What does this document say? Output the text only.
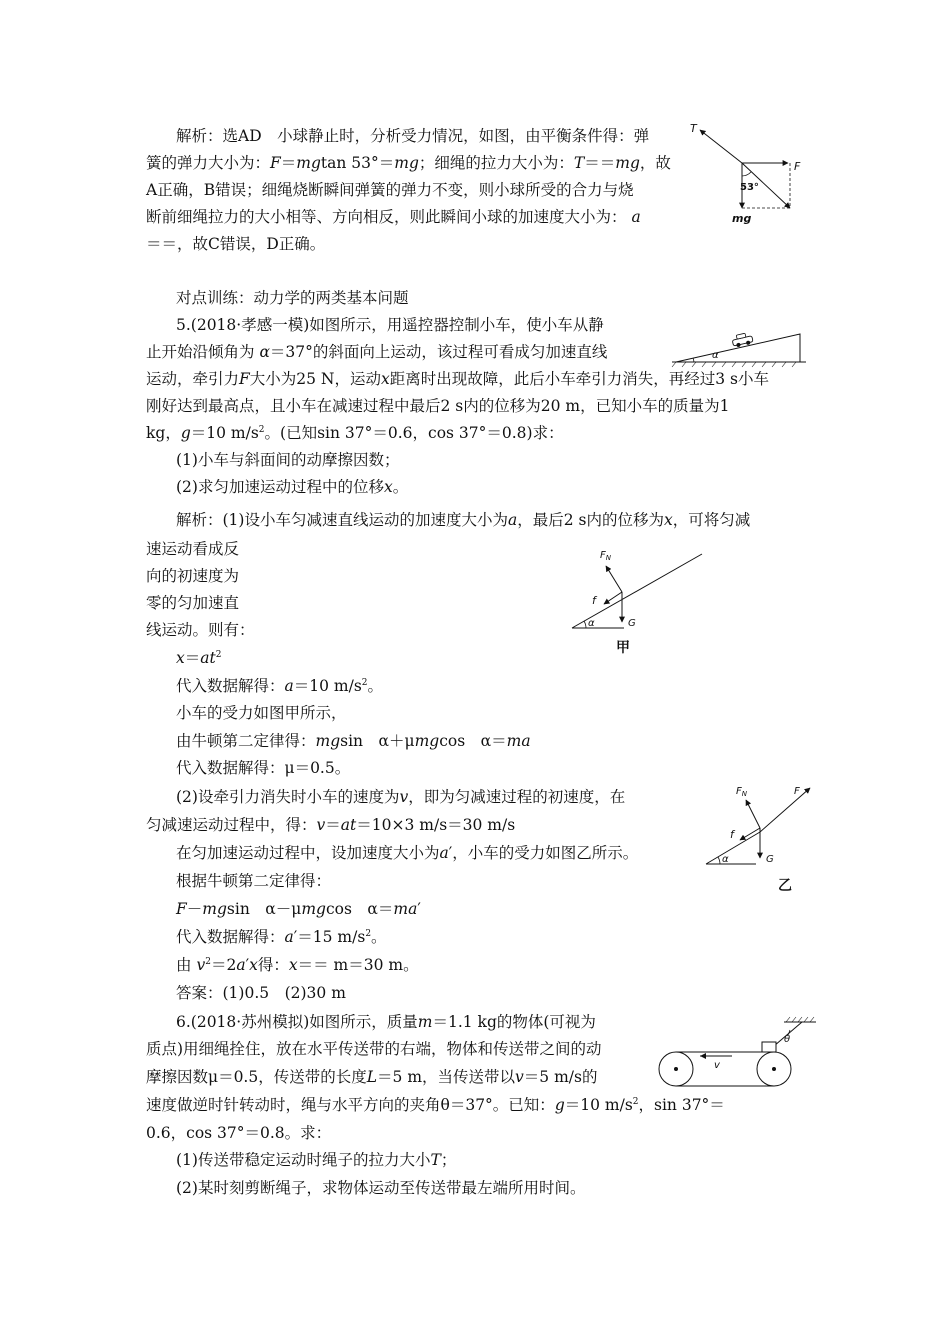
解析：选AD　小球静止时，分析受力情况，如图，由平衡条件得：弹
簧的弹力大小为：F＝mgtan 53°＝mg；细绳的拉力大小为：T＝＝mg，故
A正确，B错误；细绳烧断瞬间弹簧的弹力不变，则小球所受的合力与烧
断前细绳拉力的大小相等、方向相反，则此瞬间小球的加速度大小为： a
＝＝，故C错误，D正确。
T
F
53°
mg
对点训练：动力学的两类基本问题
5.(2018·孝感一模)如图所示，用遥控器控制小车，使小车从静
止开始沿倾角为 α＝37°的斜面向上运动，该过程可看成匀加速直线
运动，牵引力F大小为25 N，运动x距离时出现故障，此后小车牵引力消失，再经过3 s小车
刚好达到最高点，且小车在减速过程中最后2 s内的位移为20 m，已知小车的质量为1
kg，g＝10 $m/s^2$。(已知sin 37°＝0.6，cos 37°＝0.8)求：
(1)小车与斜面间的动摩擦因数；
(2)求匀加速运动过程中的位移x。
α
解析：(1)设小车匀减速直线运动的加速度大小为a，最后2 s内的位移为x，可将匀减
速运动看成反
向的初速度为
零的匀加速直
线运动。则有：
$x=at^2$
代入数据解得：a＝10 $m/s^2$。
小车的受力如图甲所示，
由牛顿第二定律得：mgsin　α＋μmgcos　α＝ma
代入数据解得：μ＝0.5。
(2)设牵引力消失时小车的速度为v，即为匀减速过程的初速度，在
匀减速运动过程中，得：v＝at＝10×3 m/s＝30 m/s
在匀加速运动过程中，设加速度大小为a′，小车的受力如图乙所示。
根据牛顿第二定律得：
F－mgsin　α－μmgcos　α＝ma′
代入数据解得：a′＝15 $m/s^2$。
由 $v^2=2a'x$得：x＝＝ m＝30 m。
答案：(1)0.5　(2)30 m
$F_N$
f
G
α
甲
$F_N$	F
f
G
α
乙
6.(2018·苏州模拟)如图所示，质量m＝1.1 kg的物体(可视为
质点)用细绳拴住，放在水平传送带的右端，物体和传送带之间的动
摩擦因数μ＝0.5，传送带的长度L＝5 m，当传送带以v＝5 m/s的
速度做逆时针转动时，绳与水平方向的夹角θ＝37°。已知：g＝10 $m/s^2$，sin 37°＝
0.6，cos 37°＝0.8。求：
(1)传送带稳定运动时绳子的拉力大小T；
(2)某时刻剪断绳子，求物体运动至传送带最左端所用时间。
θ
v
